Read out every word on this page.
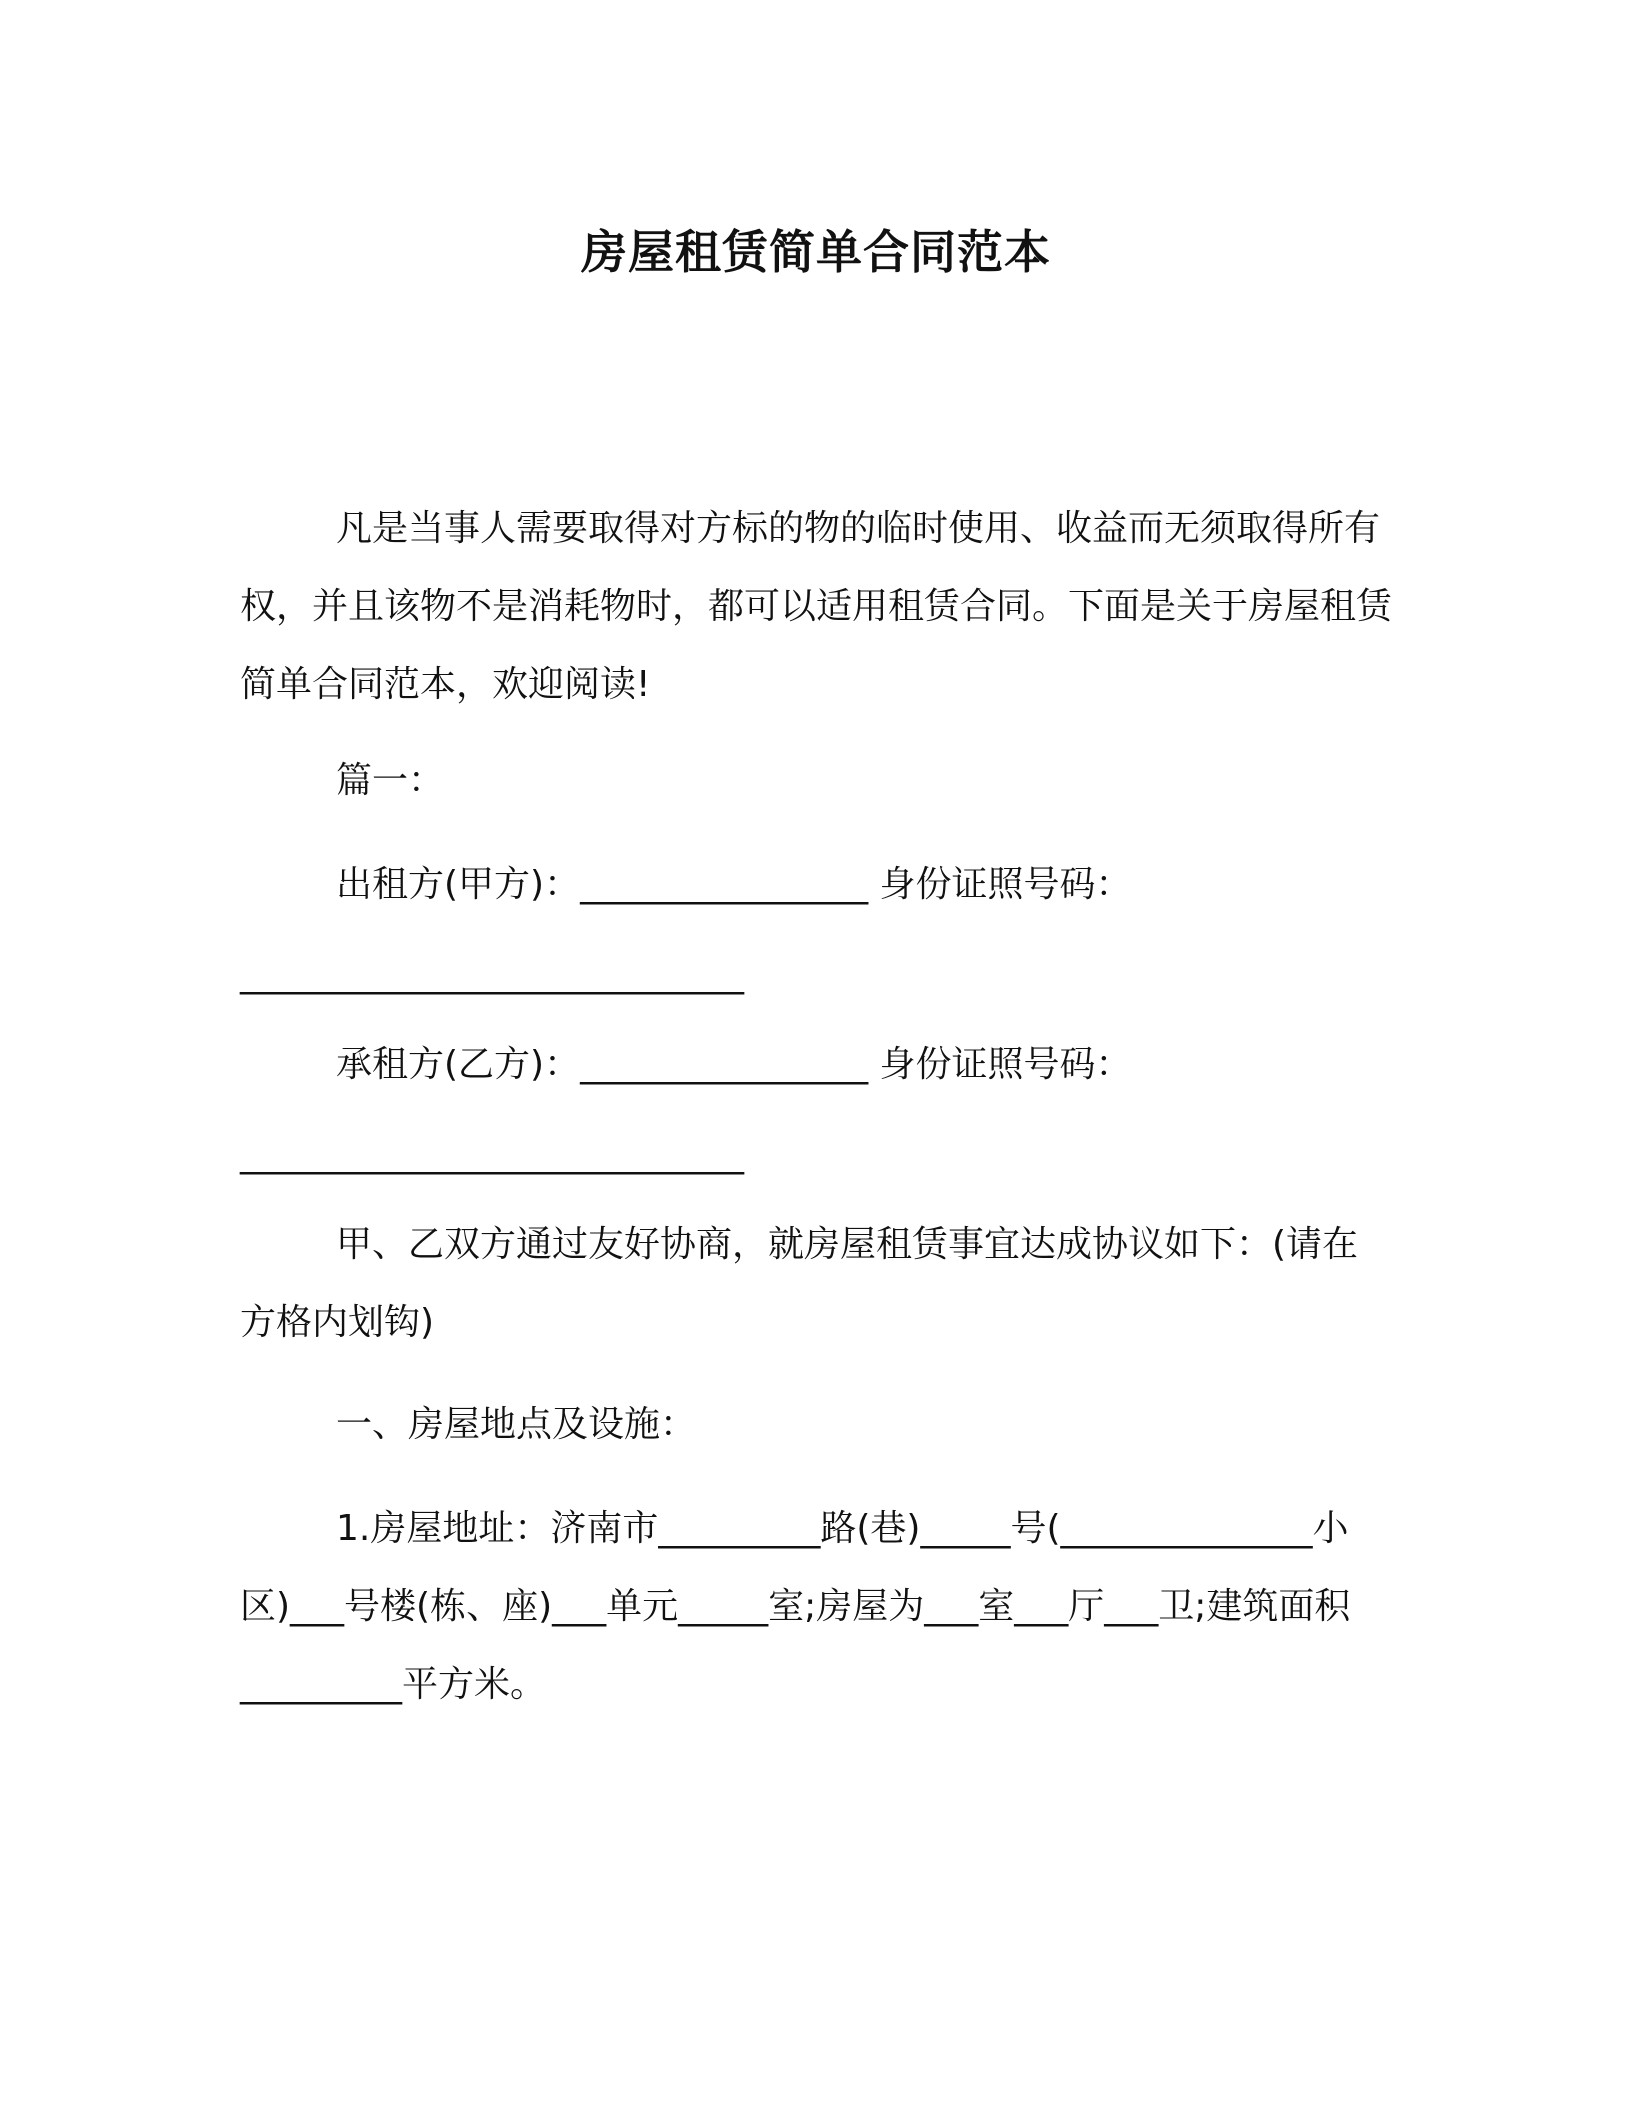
房屋租赁简单合同范本

凡是当事人需要取得对方标的物的临时使用、收益而无须取得所有权，并且该物不是消耗物时，都可以适用租赁合同。下面是关于房屋租赁简单合同范本，欢迎阅读!

篇一：
出租方(甲方)：________________ 身份证照号码：
____________________________
承租方(乙方)：________________ 身份证照号码：
____________________________

甲、乙双方通过友好协商，就房屋租赁事宜达成协议如下：(请在方格内划钩)

一、房屋地点及设施：

1.房屋地址：济南市_________路(巷)_____号(______________小区)___号楼(栋、座)___单元_____室;房屋为___室___厅___卫;建筑面积_________平方米。
